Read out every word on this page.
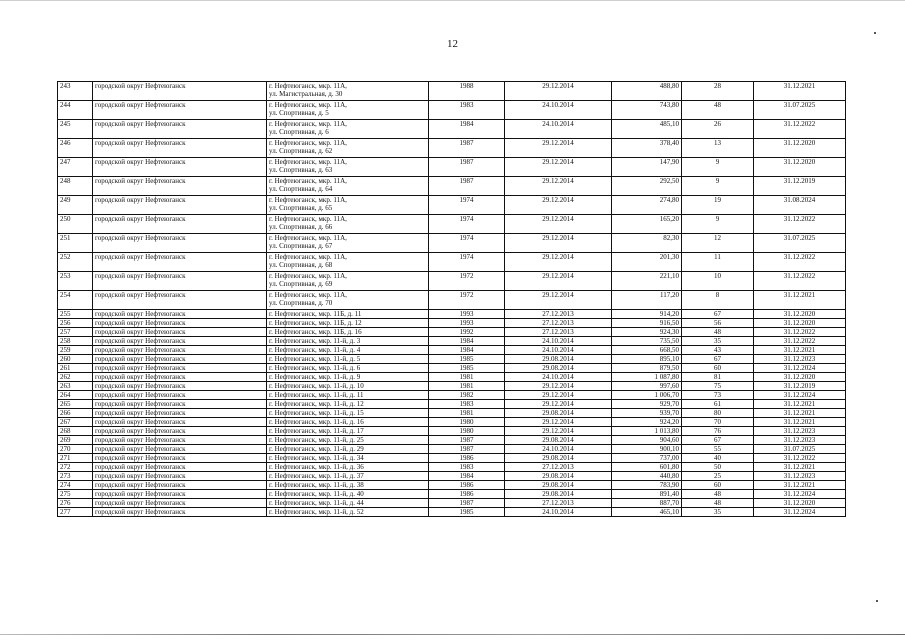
12
243	городской округ Нефтеюганск	г. Нефтеюганск, мкр. 11А,
ул. Магистральная, д. 30	1988	29.12.2014	488,80	28	31.12.2021
244	городской округ Нефтеюганск	г. Нефтеюганск, мкр. 11А,
ул. Спортивная, д. 5	1983	24.10.2014	743,80	48	31.07.2025
245	городской округ Нефтеюганск	г. Нефтеюганск, мкр. 11А,
ул. Спортивная, д. 6	1984	24.10.2014	485,10	26	31.12.2022
246	городской округ Нефтеюганск	г. Нефтеюганск, мкр. 11А,
ул. Спортивная, д. 62	1987	29.12.2014	378,40	13	31.12.2020
247	городской округ Нефтеюганск	г. Нефтеюганск, мкр. 11А,
ул. Спортивная, д. 63	1987	29.12.2014	147,90	9	31.12.2020
248	городской округ Нефтеюганск	г. Нефтеюганск, мкр. 11А,
ул. Спортивная, д. 64	1987	29.12.2014	292,50	9	31.12.2019
249	городской округ Нефтеюганск	г. Нефтеюганск, мкр. 11А,
ул. Спортивная, д. 65	1974	29.12.2014	274,80	19	31.08.2024
250	городской округ Нефтеюганск	г. Нефтеюганск, мкр. 11А,
ул. Спортивная, д. 66	1974	29.12.2014	165,20	9	31.12.2022
251	городской округ Нефтеюганск	г. Нефтеюганск, мкр. 11А,
ул. Спортивная, д. 67	1974	29.12.2014	82,30	12	31.07.2025
252	городской округ Нефтеюганск	г. Нефтеюганск, мкр. 11А,
ул. Спортивная, д. 68	1974	29.12.2014	201,30	11	31.12.2022
253	городской округ Нефтеюганск	г. Нефтеюганск, мкр. 11А,
ул. Спортивная, д. 69	1972	29.12.2014	221,10	10	31.12.2022
254	городской округ Нефтеюганск	г. Нефтеюганск, мкр. 11А,
ул. Спортивная, д. 70	1972	29.12.2014	117,20	8	31.12.2021
255	городской округ Нефтеюганск	г. Нефтеюганск, мкр. 11Б, д. 11	1993	27.12.2013	914,20	67	31.12.2020
256	городской округ Нефтеюганск	г. Нефтеюганск, мкр. 11Б, д. 12	1993	27.12.2013	916,50	56	31.12.2020
257	городской округ Нефтеюганск	г. Нефтеюганск, мкр. 11Б, д. 16	1992	27.12.2013	924,30	48	31.12.2022
258	городской округ Нефтеюганск	г. Нефтеюганск, мкр. 11-й, д. 3	1984	24.10.2014	735,50	35	31.12.2022
259	городской округ Нефтеюганск	г. Нефтеюганск, мкр. 11-й, д. 4	1984	24.10.2014	668,50	43	31.12.2021
260	городской округ Нефтеюганск	г. Нефтеюганск, мкр. 11-й, д. 5	1985	29.08.2014	895,10	67	31.12.2023
261	городской округ Нефтеюганск	г. Нефтеюганск, мкр. 11-й, д. 6	1985	29.08.2014	879,50	60	31.12.2024
262	городской округ Нефтеюганск	г. Нефтеюганск, мкр. 11-й, д. 9	1981	24.10.2014	1 087,80	81	31.12.2020
263	городской округ Нефтеюганск	г. Нефтеюганск, мкр. 11-й, д. 10	1981	29.12.2014	997,60	75	31.12.2019
264	городской округ Нефтеюганск	г. Нефтеюганск, мкр. 11-й, д. 11	1982	29.12.2014	1 006,70	73	31.12.2024
265	городской округ Нефтеюганск	г. Нефтеюганск, мкр. 11-й, д. 12	1983	29.12.2014	929,70	61	31.12.2021
266	городской округ Нефтеюганск	г. Нефтеюганск, мкр. 11-й, д. 15	1981	29.08.2014	939,70	80	31.12.2021
267	городской округ Нефтеюганск	г. Нефтеюганск, мкр. 11-й, д. 16	1980	29.12.2014	924,20	70	31.12.2021
268	городской округ Нефтеюганск	г. Нефтеюганск, мкр. 11-й, д. 17	1980	29.12.2014	1 013,80	76	31.12.2023
269	городской округ Нефтеюганск	г. Нефтеюганск, мкр. 11-й, д. 25	1987	29.08.2014	904,60	67	31.12.2023
270	городской округ Нефтеюганск	г. Нефтеюганск, мкр. 11-й, д. 29	1987	24.10.2014	900,10	55	31.07.2025
271	городской округ Нефтеюганск	г. Нефтеюганск, мкр. 11-й, д. 34	1986	29.08.2014	737,00	40	31.12.2022
272	городской округ Нефтеюганск	г. Нефтеюганск, мкр. 11-й, д. 36	1983	27.12.2013	601,80	50	31.12.2021
273	городской округ Нефтеюганск	г. Нефтеюганск, мкр. 11-й, д. 37	1984	29.08.2014	440,80	25	31.12.2023
274	городской округ Нефтеюганск	г. Нефтеюганск, мкр. 11-й, д. 38	1986	29.08.2014	783,90	60	31.12.2021
275	городской округ Нефтеюганск	г. Нефтеюганск, мкр. 11-й, д. 40	1986	29.08.2014	891,40	48	31.12.2024
276	городской округ Нефтеюганск	г. Нефтеюганск, мкр. 11-й, д. 44	1987	27.12.2013	887,70	48	31.12.2020
277	городской округ Нефтеюганск	г. Нефтеюганск, мкр. 11-й, д. 52	1985	24.10.2014	465,10	35	31.12.2024
